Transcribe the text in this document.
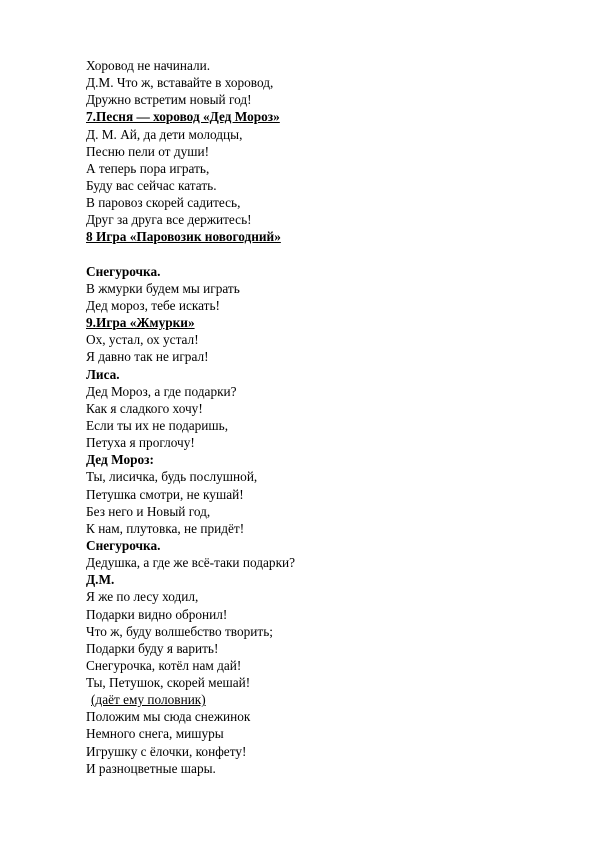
Хоровод не начинали.
Д.М. Что ж, вставайте в хоровод,
Дружно встретим новый год!
7.Песня — хоровод «Дед Мороз»
Д. М. Ай, да дети молодцы,
Песню пели от души!
А теперь пора играть,
Буду вас сейчас катать.
В паровоз скорей садитесь,
Друг за друга все держитесь!
8 Игра «Паровозик новогодний»
Снегурочка.
В жмурки будем мы играть
Дед мороз, тебе искать!
9.Игра «Жмурки»
Ох, устал, ох устал!
Я давно так не играл!
Лиса.
Дед Мороз, а где подарки?
Как я сладкого хочу!
Если ты их не подаришь,
Петуха я проглочу!
Дед Мороз:
Ты, лисичка, будь послушной,
Петушка смотри, не кушай!
Без него и Новый год,
К нам, плутовка, не придёт!
Снегурочка.
Дедушка, а где же всё-таки подарки?
Д.М.
Я же по лесу ходил,
Подарки видно обронил!
Что ж, буду волшебство творить;
Подарки буду я варить!
Снегурочка, котёл нам дай!
Ты, Петушок, скорей мешай!
(даёт ему половник)
Положим мы сюда снежинок
Немного снега, мишуры
Игрушку с ёлочки, конфету!
И разноцветные шары.
